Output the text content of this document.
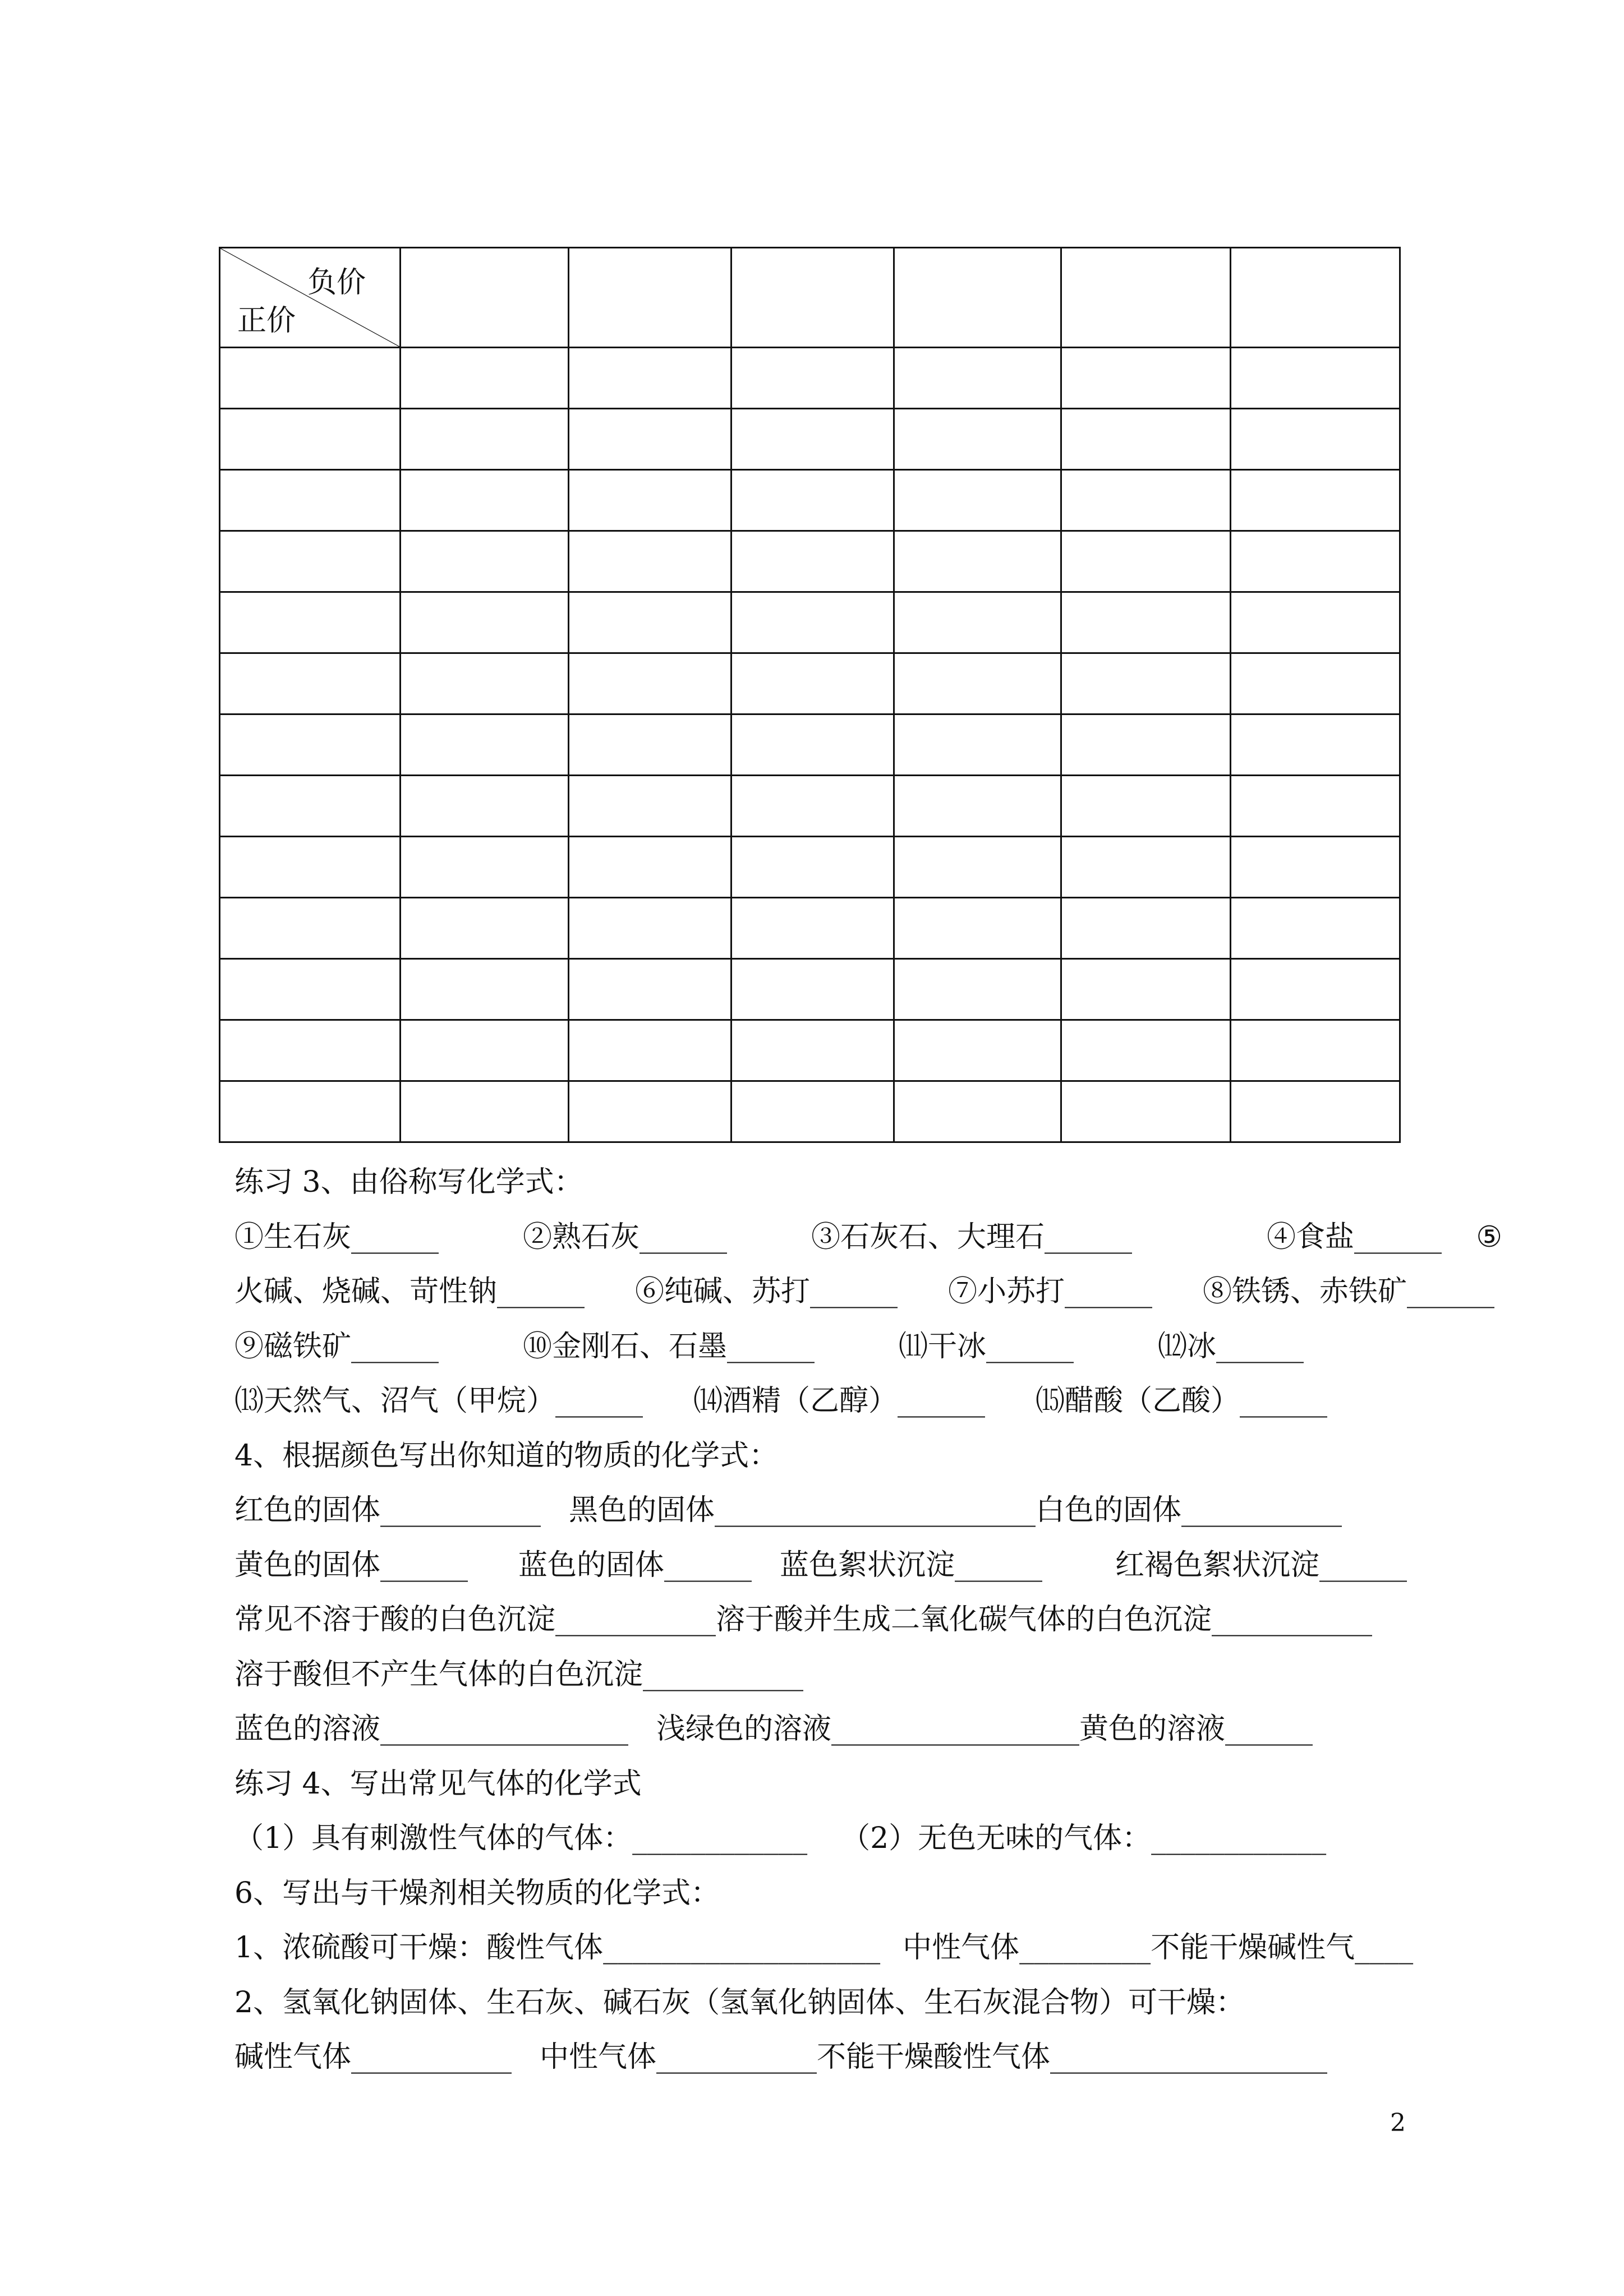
负价
正价						

练习 3、由俗称写化学式：
①生石灰______	②熟石灰______	③石灰石、大理石______	④食盐______ ⑤
火碱、烧碱、苛性钠______ ⑥纯碱、苏打______ ⑦小苏打______ ⑧铁锈、赤铁矿______
⑨磁铁矿______	⑩金刚石、石墨______	⑾干冰______	⑿冰______
⒀天然气、沼气（甲烷）______ ⒁酒精（乙醇）______ ⒂醋酸（乙酸）______
4、根据颜色写出你知道的物质的化学式：
红色的固体___________ 黑色的固体______________________白色的固体___________
黄色的固体______ 蓝色的固体______ 蓝色絮状沉淀______	红褐色絮状沉淀______
常见不溶于酸的白色沉淀___________溶于酸并生成二氧化碳气体的白色沉淀___________
溶于酸但不产生气体的白色沉淀___________
蓝色的溶液_________________ 浅绿色的溶液_________________黄色的溶液______
练习 4、写出常见气体的化学式
（1）具有刺激性气体的气体：____________ （2）无色无味的气体：____________
6、写出与干燥剂相关物质的化学式：
1、浓硫酸可干燥：酸性气体___________________ 中性气体_________不能干燥碱性气____
2、氢氧化钠固体、生石灰、碱石灰（氢氧化钠固体、生石灰混合物）可干燥：
碱性气体___________ 中性气体___________不能干燥酸性气体___________________
2
